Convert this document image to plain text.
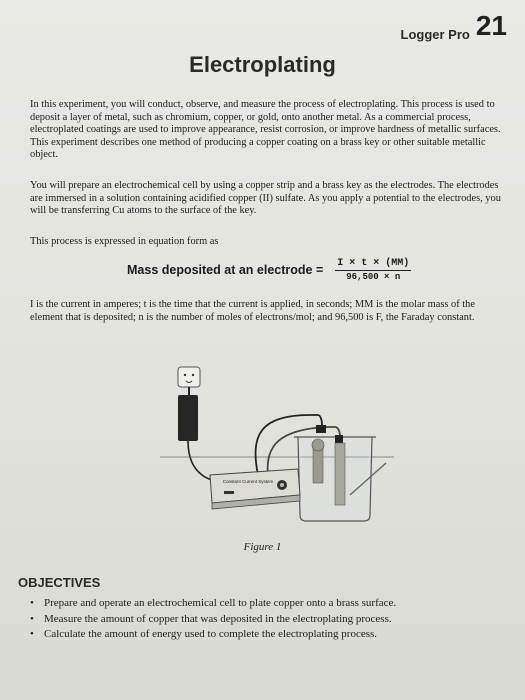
Logger Pro 21
Electroplating
In this experiment, you will conduct, observe, and measure the process of electroplating. This process is used to deposit a layer of metal, such as chromium, copper, or gold, onto another metal. As a commercial process, electroplated coatings are used to improve appearance, resist corrosion, or improve hardness of metallic surfaces. This experiment describes one method of producing a copper coating on a brass key or other suitable metallic object.
You will prepare an electrochemical cell by using a copper strip and a brass key as the electrodes. The electrodes are immersed in a solution containing acidified copper (II) sulfate. As you apply a potential to the electrodes, you will be transferring Cu atoms to the surface of the key.
This process is expressed in equation form as
Mass deposited at an electrode = $\frac{I \times t \times (MM)}{96,500 \times n}$
I is the current in amperes; t is the time that the current is applied, in seconds; MM is the molar mass of the element that is deposited; n is the number of moles of electrons/mol; and 96,500 is F, the Faraday constant.
Constant Current System
Figure 1
OBJECTIVES
• Prepare and operate an electrochemical cell to plate copper onto a brass surface.
• Measure the amount of copper that was deposited in the electroplating process.
• Calculate the amount of energy used to complete the electroplating process.
